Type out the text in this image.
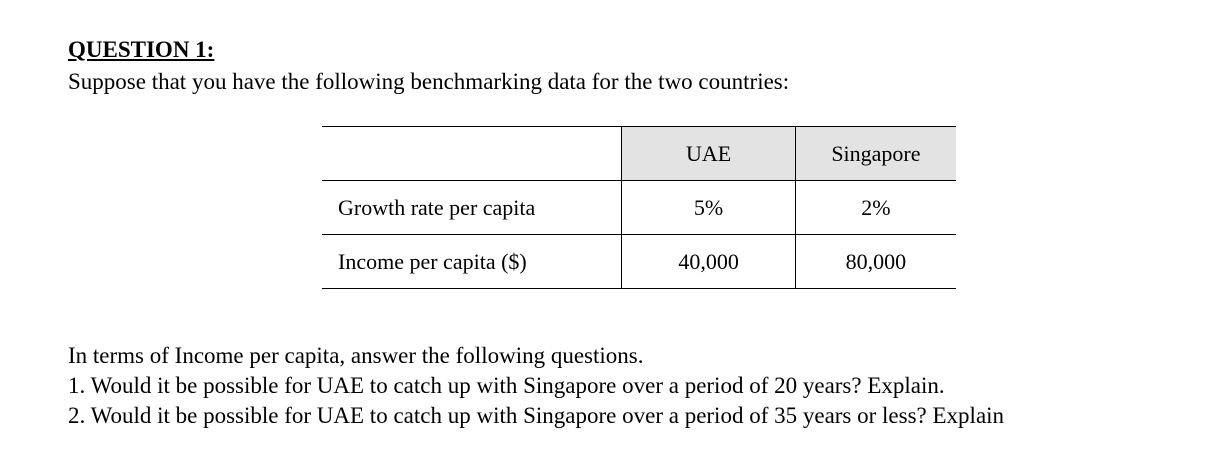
QUESTION 1:
Suppose that you have the following benchmarking data for the two countries:
	UAE	Singapore
Growth rate per capita	5%	2%
Income per capita ($)	40,000	80,000
In terms of Income per capita, answer the following questions.
1. Would it be possible for UAE to catch up with Singapore over a period of 20 years? Explain.
2. Would it be possible for UAE to catch up with Singapore over a period of 35 years or less? Explain
